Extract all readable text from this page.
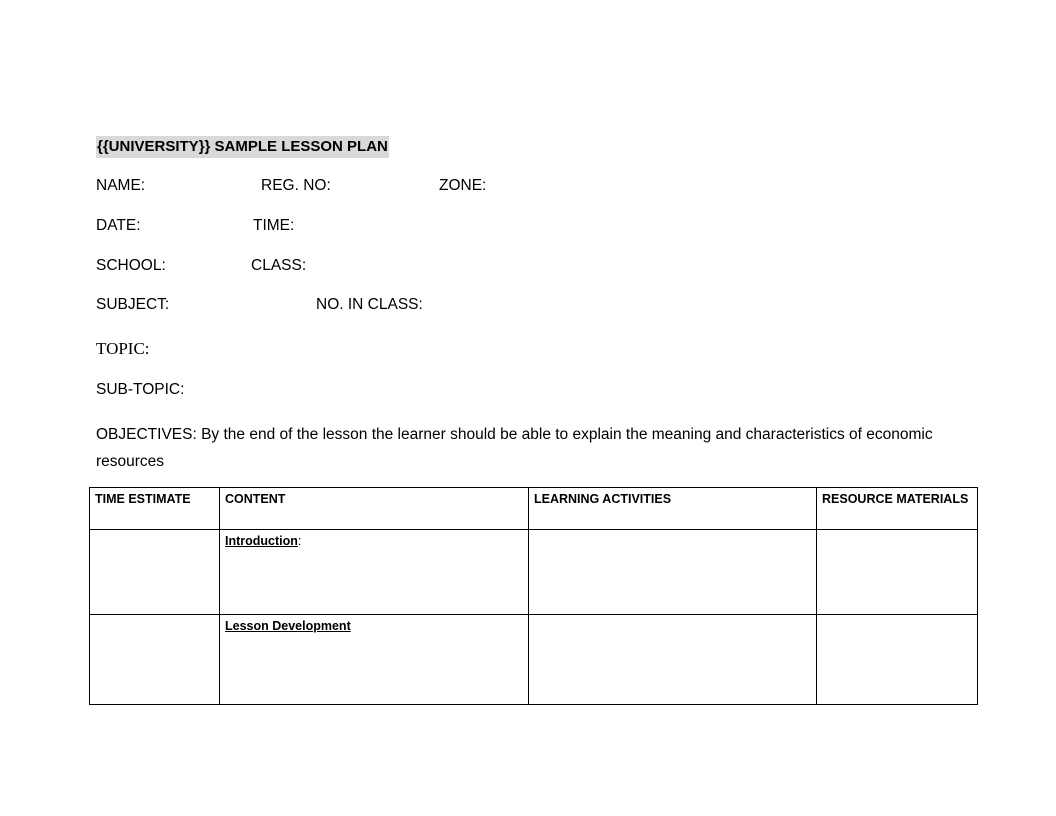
{{UNIVERSITY}} SAMPLE LESSON PLAN
NAME:	REG. NO:	ZONE:
DATE:	TIME:
SCHOOL:	CLASS:
SUBJECT:	NO. IN CLASS:
TOPIC:
SUB-TOPIC:
OBJECTIVES: By the end of the lesson the learner should be able to explain the meaning and characteristics of economic resources
TIME ESTIMATE	CONTENT	LEARNING ACTIVITIES	RESOURCE MATERIALS
	Introduction:		
	Lesson Development		
